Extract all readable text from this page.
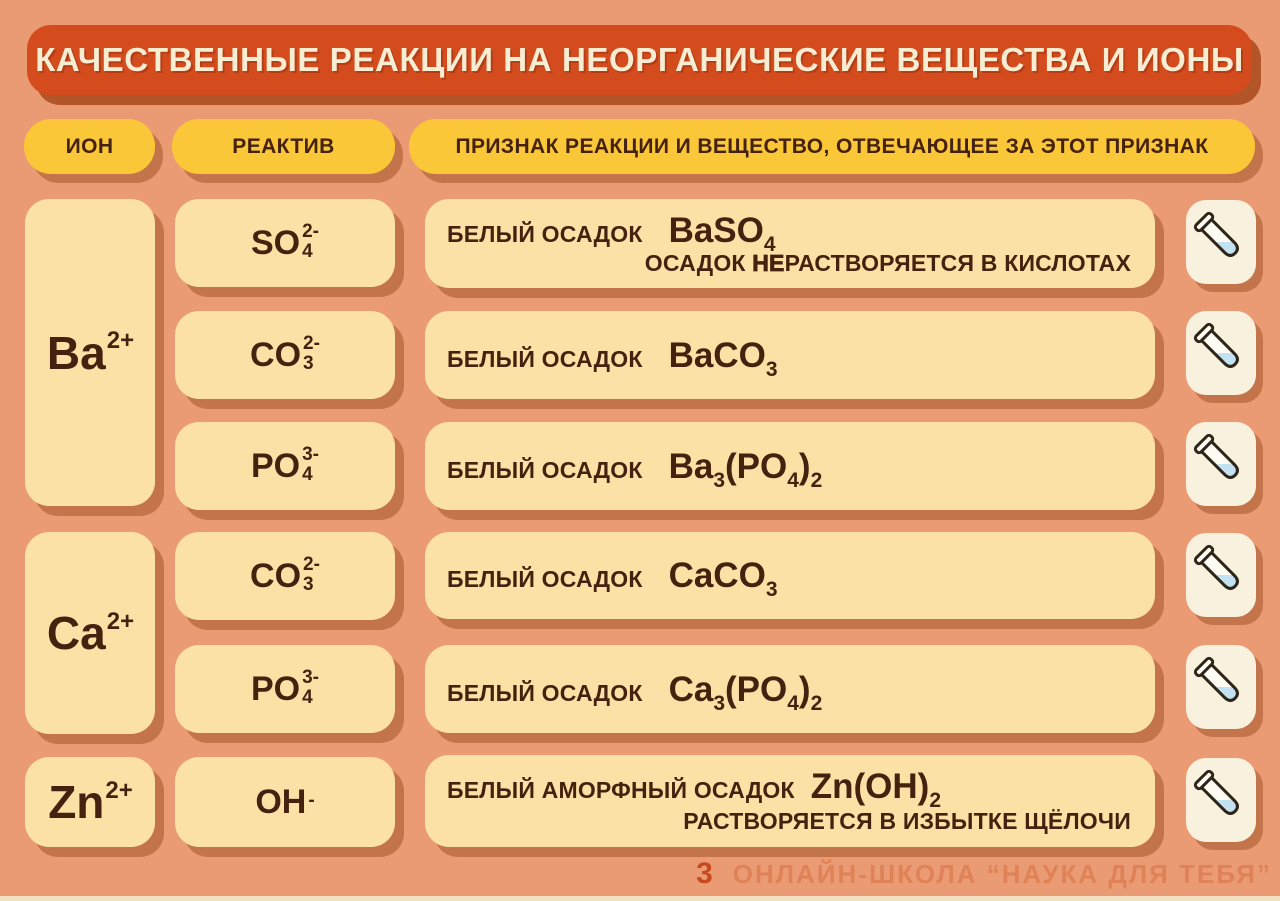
КАЧЕСТВЕННЫЕ РЕАКЦИИ НА НЕОРГАНИЧЕСКИЕ ВЕЩЕСТВА И ИОНЫ
ИОН	РЕАКТИВ	ПРИЗНАК РЕАКЦИИ И ВЕЩЕСТВО, ОТВЕЧАЮЩЕЕ ЗА ЭТОТ ПРИЗНАК
$Ba^{2+}$
$Ca^{2+}$
$Zn^{2+}$
SO 2-
4
CO 2-
3
PO 3-
4
CO 2-
3
PO 3-
4
OH -
БЕЛЫЙ ОСАДОК BaSO$_4$
ОСАДОК НЕРАСТВОРЯЕТСЯ В КИСЛОТАХ
БЕЛЫЙ ОСАДОК BaCO$_3$
БЕЛЫЙ ОСАДОК $Ba_3(PO_4)_2$
БЕЛЫЙ ОСАДОК CaCO$_3$
БЕЛЫЙ ОСАДОК $Ca_3(PO_4)_2$
БЕЛЫЙ АМОРФНЫЙ ОСАДОК $Zn(OH)_2$
РАСТВОРЯЕТСЯ В ИЗБЫТКЕ ЩЁЛОЧИ
3 ОНЛАЙН-ШКОЛА “НАУКА ДЛЯ ТЕБЯ”
